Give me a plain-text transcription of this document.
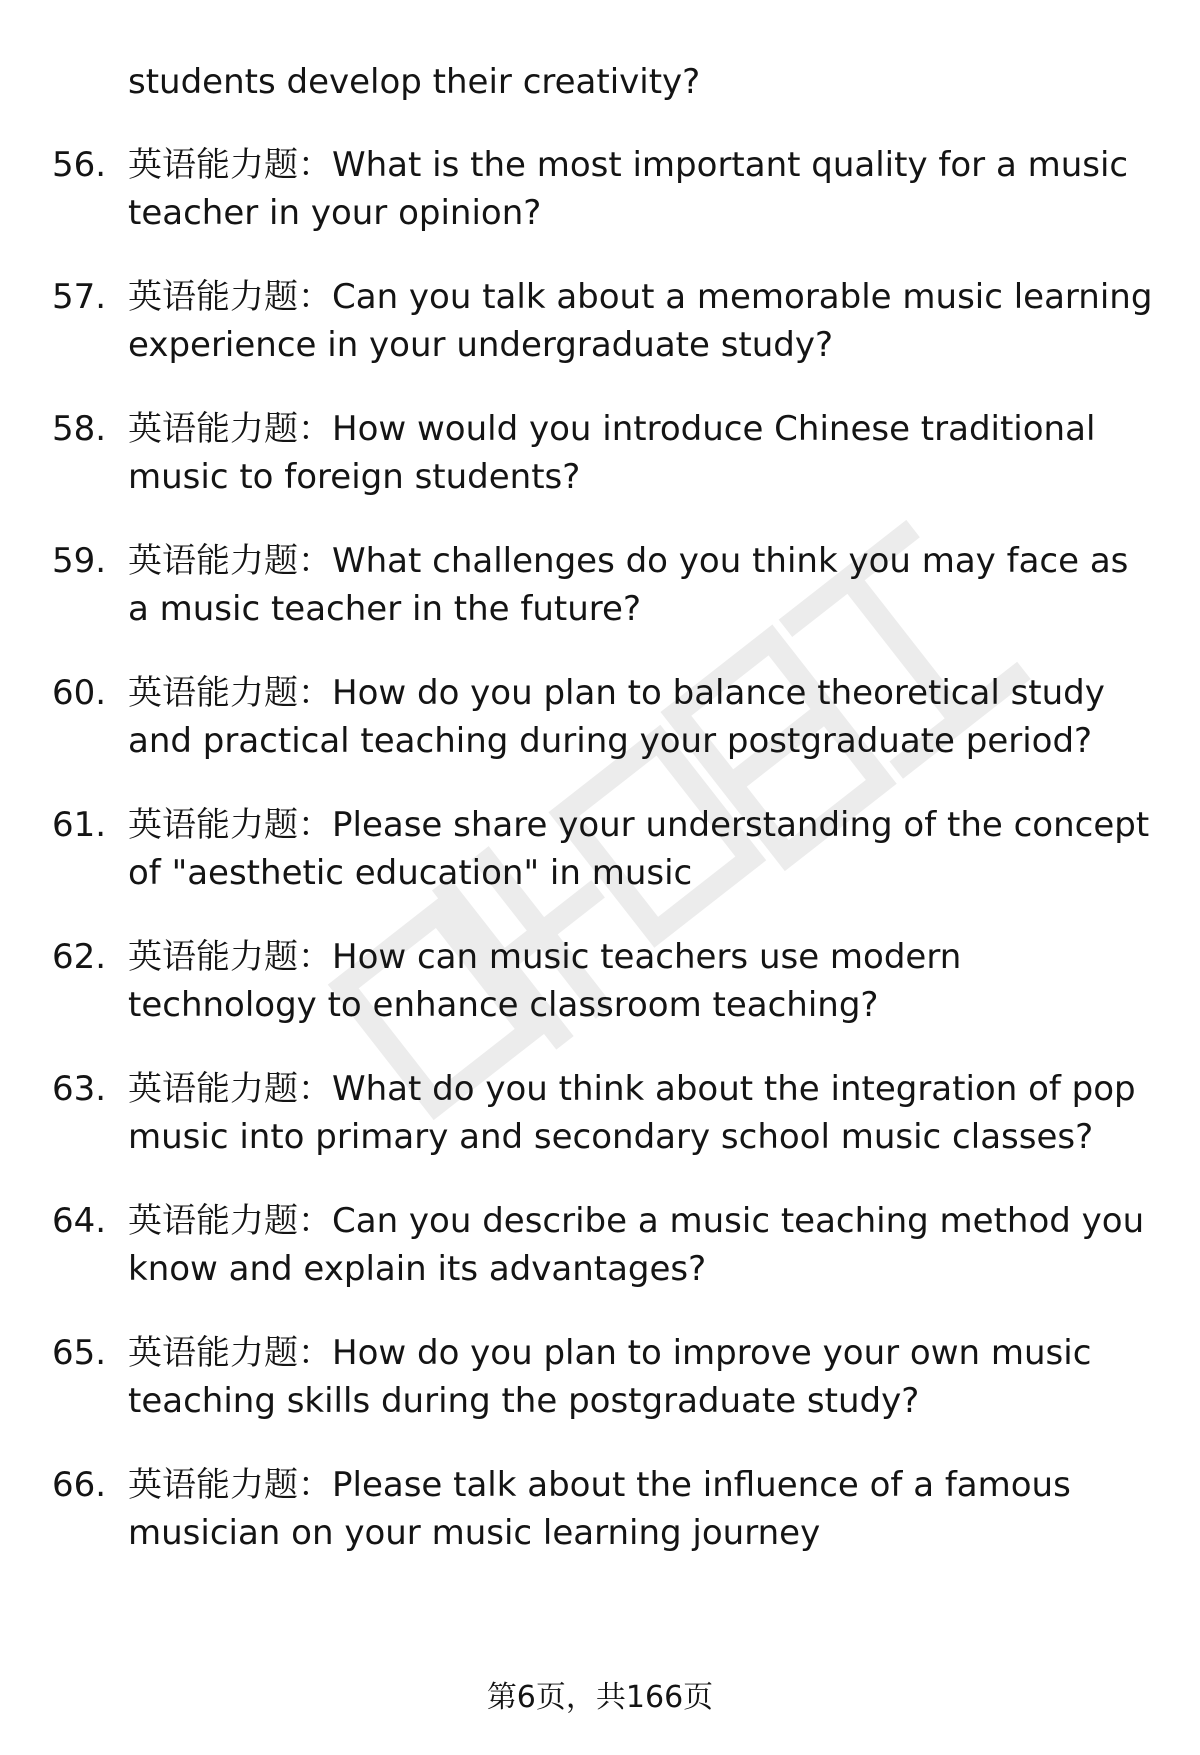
students develop their creativity?
56. 英语能力题：What is the most important quality for a music teacher in your opinion?
57. 英语能力题：Can you talk about a memorable music learning experience in your undergraduate study?
58. 英语能力题：How would you introduce Chinese traditional music to foreign students?
59. 英语能力题：What challenges do you think you may face as a music teacher in the future?
60. 英语能力题：How do you plan to balance theoretical study and practical teaching during your postgraduate period?
61. 英语能力题：Please share your understanding of the concept of "aesthetic education" in music
62. 英语能力题：How can music teachers use modern technology to enhance classroom teaching?
63. 英语能力题：What do you think about the integration of pop music into primary and secondary school music classes?
64. 英语能力题：Can you describe a music teaching method you know and explain its advantages?
65. 英语能力题：How do you plan to improve your own music teaching skills during the postgraduate study?
66. 英语能力题：Please talk about the influence of a famous musician on your music learning journey
第6页，共166页
